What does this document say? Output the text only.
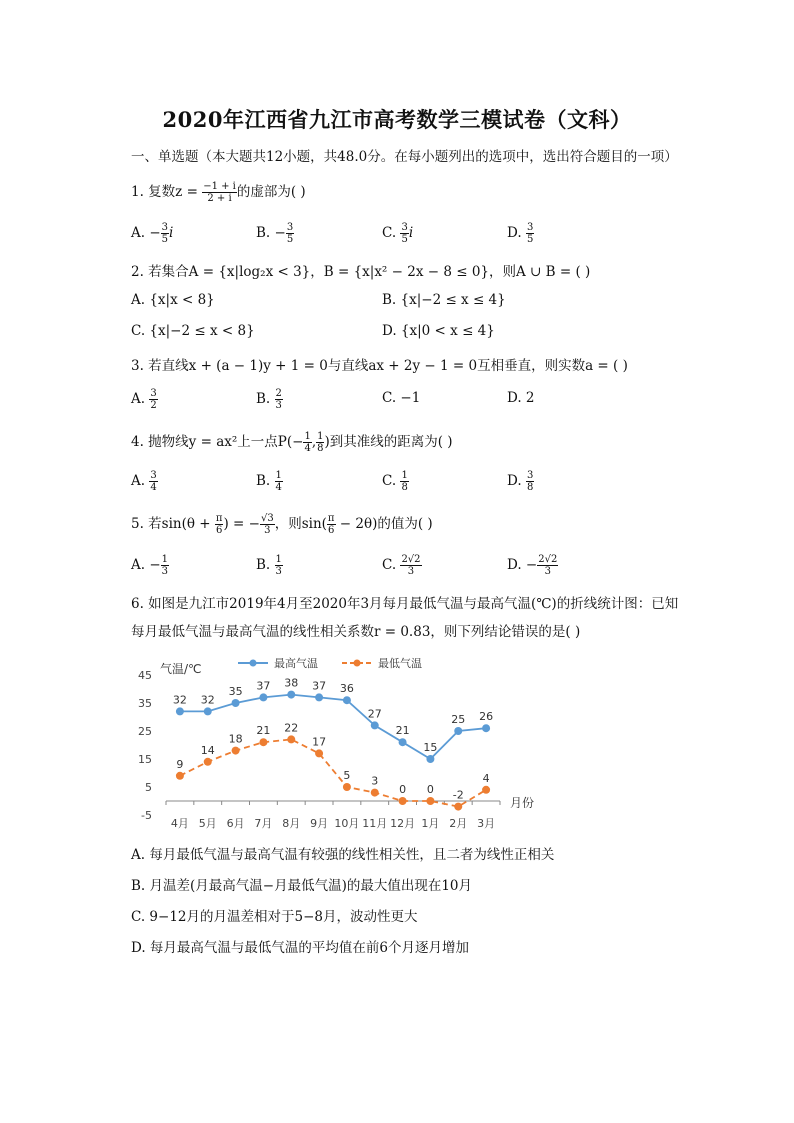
2020年江西省九江市高考数学三模试卷（文科）
一、单选题（本大题共12小题，共48.0分。在每小题列出的选项中，选出符合题目的一项）
1. 复数$z = \frac{-1 + i}{2 + i}$ 的虚部为( )
A. − $\frac{3}{5}$ i	B. − $\frac{3}{5}$	C. $\frac{3}{5}$ i	D. $\frac{3}{5}$
2. 若集合A = {x|log₂x < 3}，B = {x|x² − 2x − 8 ≤ 0}，则A ∪ B = ( )
A. {x|x < 8}	B. {x|−2 ≤ x ≤ 4}
C. {x|−2 ≤ x < 8}	D. {x|0 < x ≤ 4}
3. 若直线x + (a − 1)y + 1 = 0与直线ax + 2y − 1 = 0互相垂直，则实数a = ( )
A. $\frac{3}{2}$	B. $\frac{2}{3}$	C. −1	D. 2
4. 抛物线y = ax²上一点$P(- \frac{1}{4}$ , $\frac{1}{8}$ )到其准线的距离为( )
A. $\frac{3}{4}$	B. $\frac{1}{4}$	C. $\frac{1}{8}$	D. $\frac{3}{8}$
5. 若$\sin(\theta + \frac{\pi}{6}$ ) = − $\frac{√3}{3}$ ，则$\sin( \frac{\pi}{6} - 2\theta)$的值为( )
A. − $\frac{1}{3}$	B. $\frac{1}{3}$	C. $\frac{2√2}{3}$	D. − $\frac{2√2}{3}$
6. 如图是九江市2019年4月至2020年3月每月最低气温与最高气温(℃)的折线统计图：已知
每月最低气温与最高气温的线性相关系数r = 0.83，则下列结论错误的是( )
气温/℃
45
35
25
15
5
-5
4月 5月 6月 7月 8月 9月 10月 11月 12月 1月 2月 3月
月份
最高气温	最低气温
32 32
35 37 38 37 36
27
21
15
25 26
9
14
18
21 22
17
5 3
0 0 -2
4
A. 每月最低气温与最高气温有较强的线性相关性，且二者为线性正相关
B. 月温差(月最高气温−月最低气温)的最大值出现在10月
C. 9−12月的月温差相对于5−8月，波动性更大
D. 每月最高气温与最低气温的平均值在前6个月逐月增加
